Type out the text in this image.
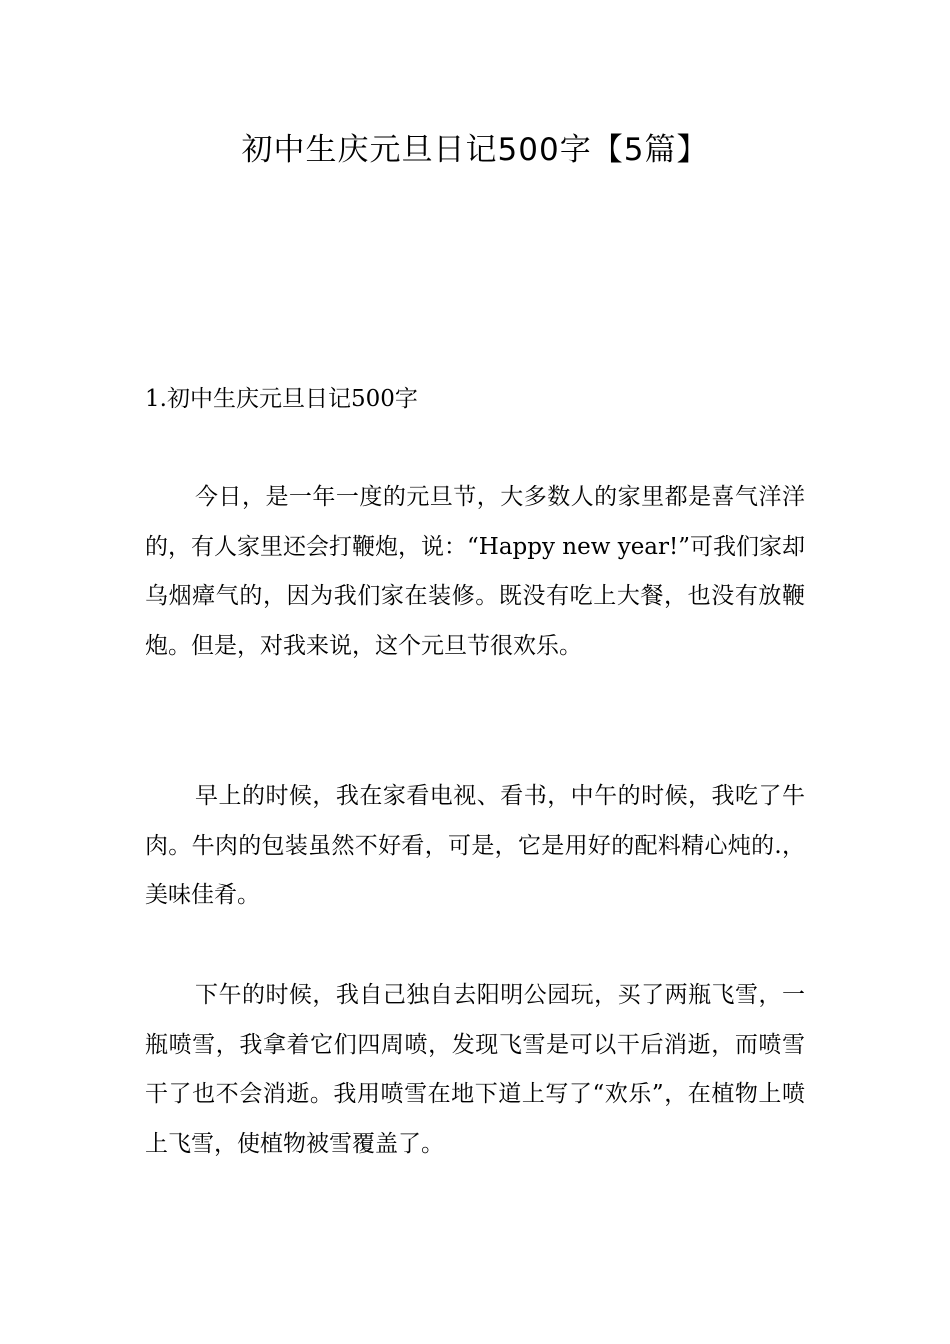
初中生庆元旦日记500字【5篇】
1.初中生庆元旦日记500字

今日，是一年一度的元旦节，大多数人的家里都是喜气洋洋的，有人家里还会打鞭炮，说：“Happy new year!”可我们家却乌烟瘴气的，因为我们家在装修。既没有吃上大餐，也没有放鞭炮。但是，对我来说，这个元旦节很欢乐。

早上的时候，我在家看电视、看书，中午的时候，我吃了牛肉。牛肉的包装虽然不好看，可是，它是用好的配料精心炖的.，美味佳肴。

下午的时候，我自己独自去阳明公园玩，买了两瓶飞雪，一瓶喷雪，我拿着它们四周喷，发现飞雪是可以干后消逝，而喷雪干了也不会消逝。我用喷雪在地下道上写了“欢乐”，在植物上喷上飞雪，使植物被雪覆盖了。
